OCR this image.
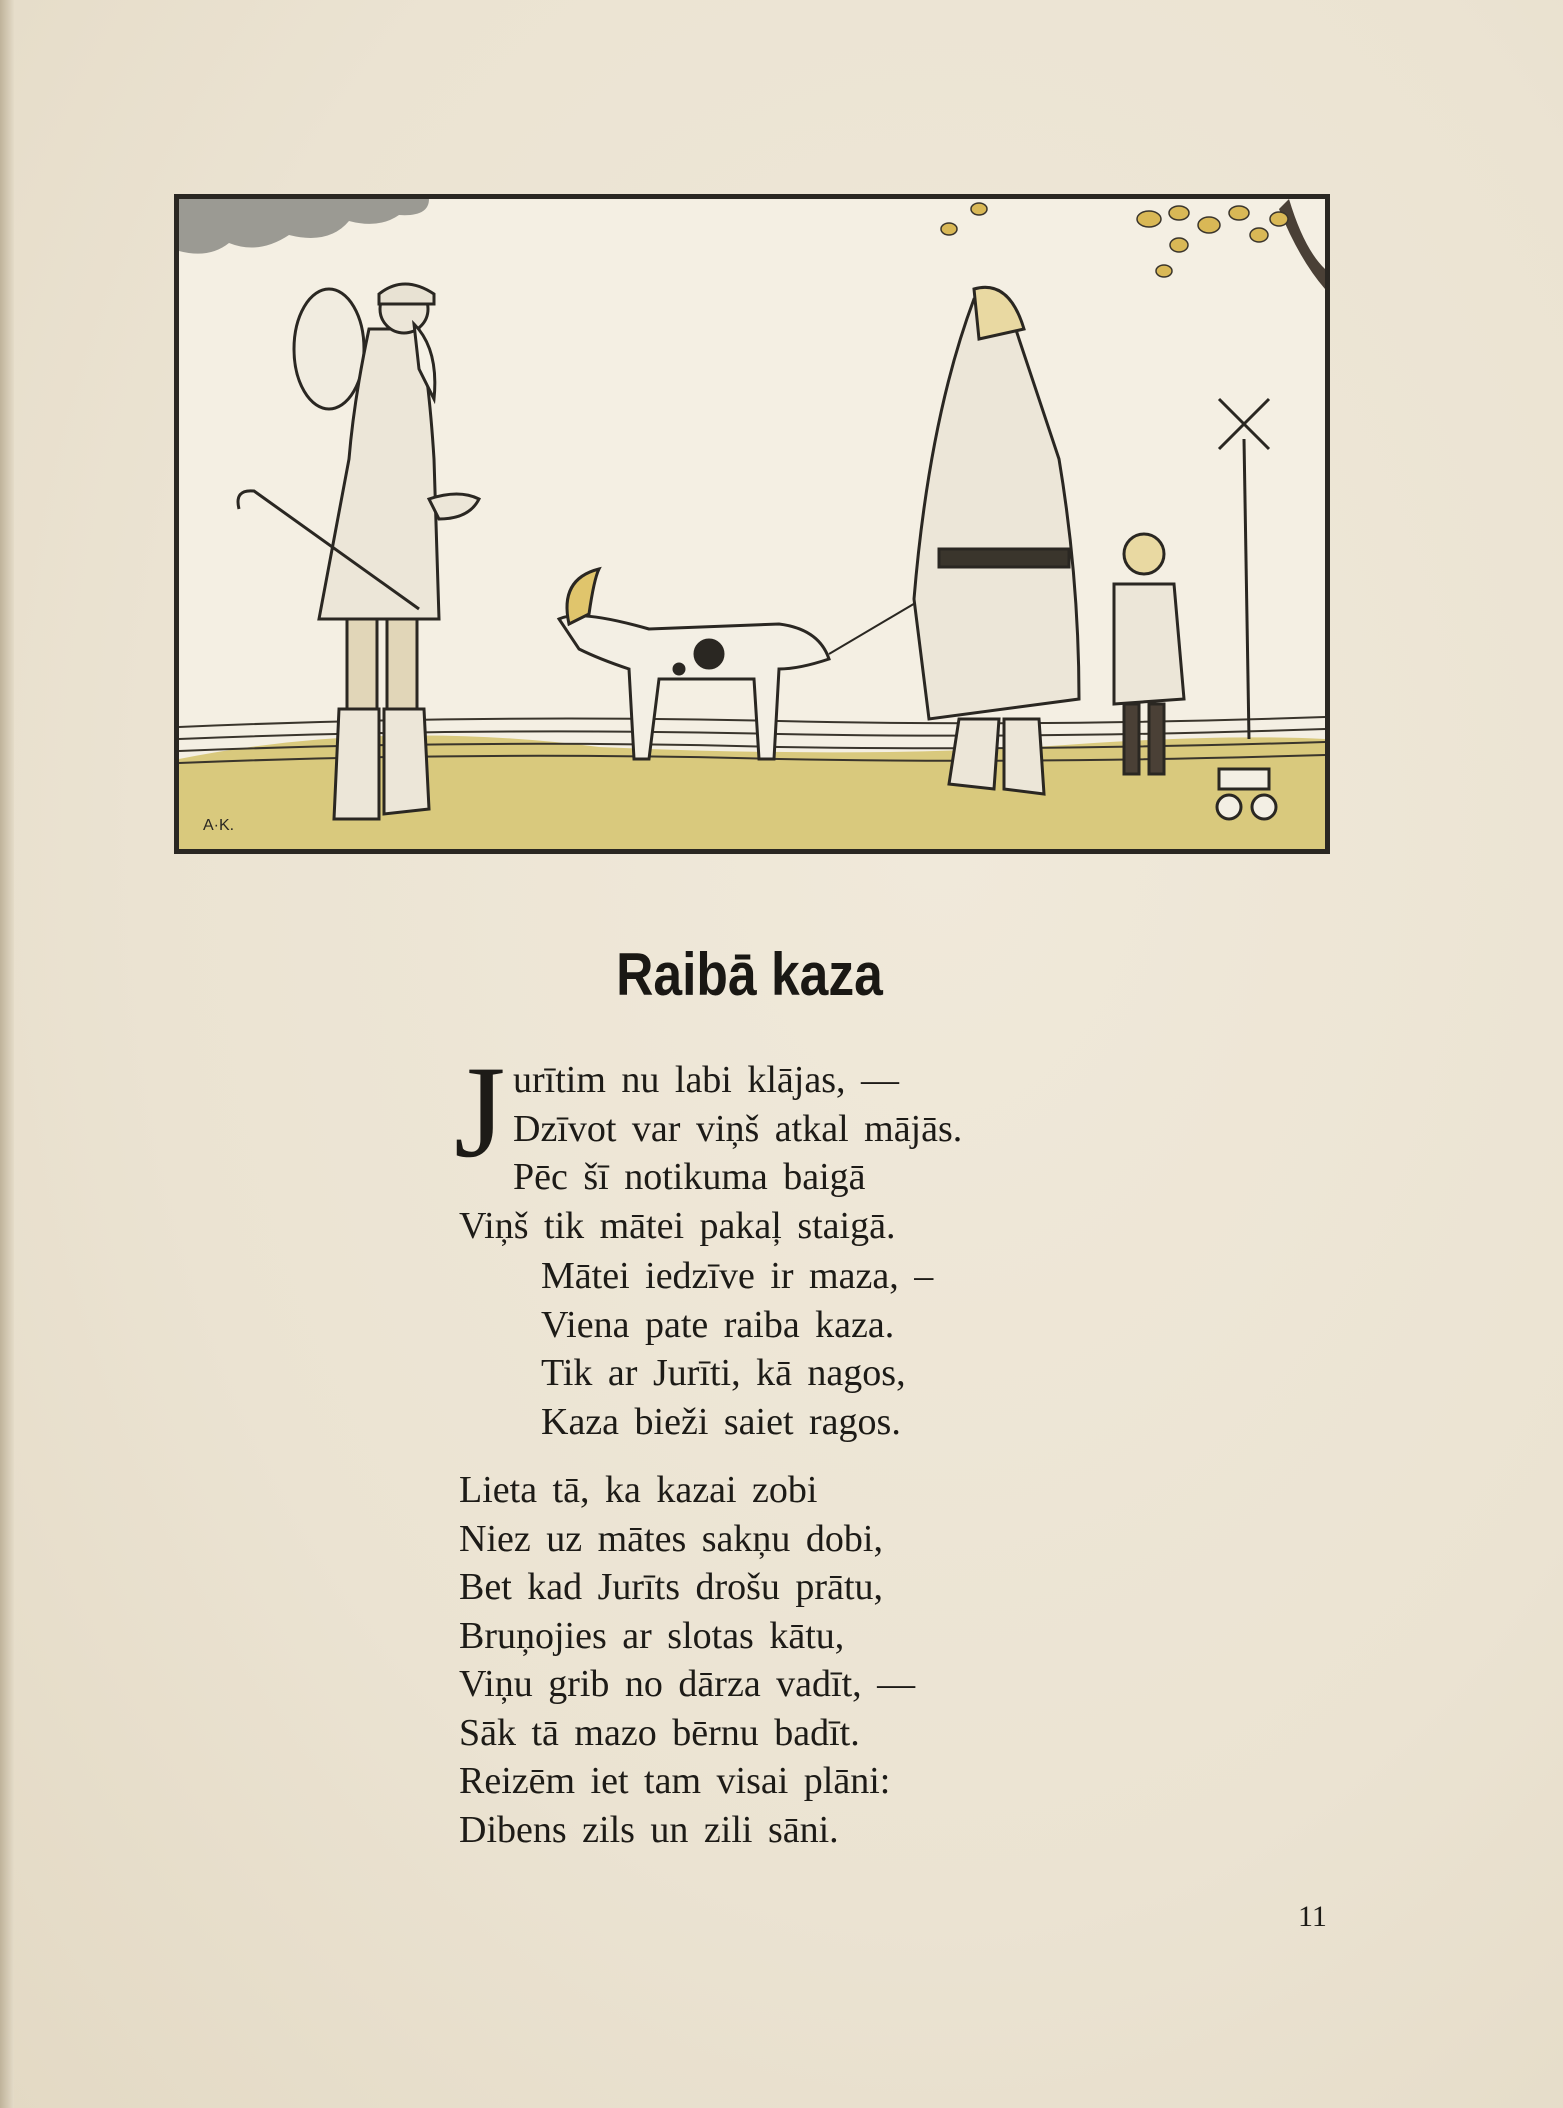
A·K.
Raibā kaza
J urītim nu labi klājas, —
Dzīvot var viņš atkal mājās.
Pēc šī notikuma baigā
Viņš tik mātei pakaļ staigā.
Mātei iedzīve ir maza, –
Viena pate raiba kaza.
Tik ar Jurīti, kā nagos,
Kaza bieži saiet ragos.
Lieta tā, ka kazai zobi
Niez uz mātes sakņu dobi,
Bet kad Jurīts drošu prātu,
Bruņojies ar slotas kātu,
Viņu grib no dārza vadīt, —
Sāk tā mazo bērnu badīt.
Reizēm iet tam visai plāni:
Dibens zils un zili sāni.
11
